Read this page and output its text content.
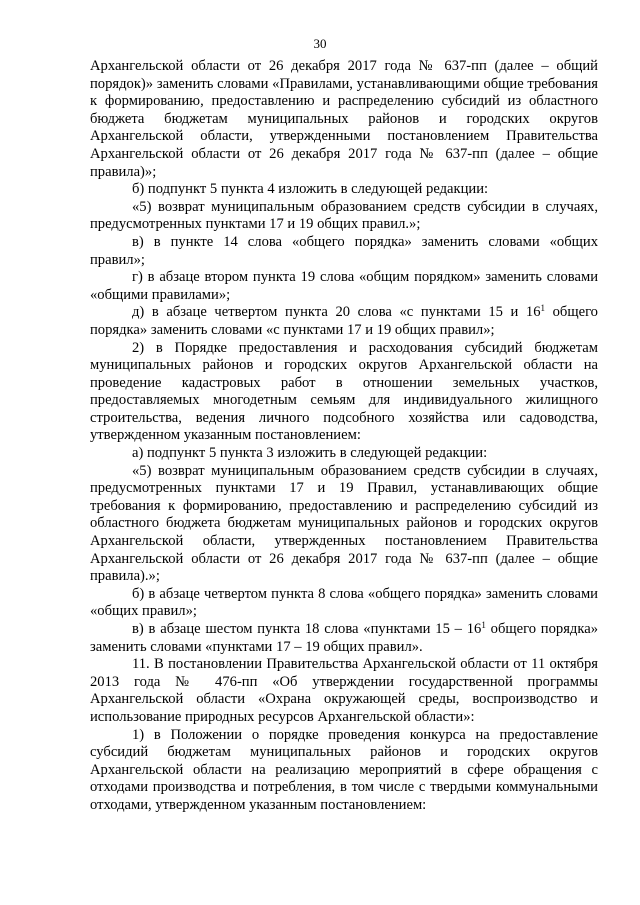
30

Архангельской области от 26 декабря 2017 года № 637-пп (далее – общий порядок)» заменить словами «Правилами, устанавливающими общие требования к формированию, предоставлению и распределению субсидий из областного бюджета бюджетам муниципальных районов и городских округов Архангельской области, утвержденными постановлением Правительства Архангельской области от 26 декабря 2017 года № 637-пп (далее – общие правила)»;

б) подпункт 5 пункта 4 изложить в следующей редакции:

«5) возврат муниципальным образованием средств субсидии в случаях, предусмотренных пунктами 17 и 19 общих правил.»;

в) в пункте 14 слова «общего порядка» заменить словами «общих правил»;

г) в абзаце втором пункта 19 слова «общим порядком» заменить словами «общими правилами»;

д) в абзаце четвертом пункта 20 слова «с пунктами 15 и $16^1$ общего порядка» заменить словами «с пунктами 17 и 19 общих правил»;

2) в Порядке предоставления и расходования субсидий бюджетам муниципальных районов и городских округов Архангельской области на проведение кадастровых работ в отношении земельных участков, предоставляемых многодетным семьям для индивидуального жилищного строительства, ведения личного подсобного хозяйства или садоводства, утвержденном указанным постановлением:

а) подпункт 5 пункта 3 изложить в следующей редакции:

«5) возврат муниципальным образованием средств субсидии в случаях, предусмотренных пунктами 17 и 19 Правил, устанавливающих общие требования к формированию, предоставлению и распределению субсидий из областного бюджета бюджетам муниципальных районов и городских округов Архангельской области, утвержденных постановлением Правительства Архангельской области от 26 декабря 2017 года № 637-пп (далее – общие правила).»;

б) в абзаце четвертом пункта 8 слова «общего порядка» заменить словами «общих правил»;

в) в абзаце шестом пункта 18 слова «пунктами $15 - 16^1$ общего порядка» заменить словами «пунктами 17 – 19 общих правил».

11. В постановлении Правительства Архангельской области от 11 октября 2013 года № 476-пп «Об утверждении государственной программы Архангельской области «Охрана окружающей среды, воспроизводство и использование природных ресурсов Архангельской области»:

1) в Положении о порядке проведения конкурса на предоставление субсидий бюджетам муниципальных районов и городских округов Архангельской области на реализацию мероприятий в сфере обращения с отходами производства и потребления, в том числе с твердыми коммунальными отходами, утвержденном указанным постановлением:
